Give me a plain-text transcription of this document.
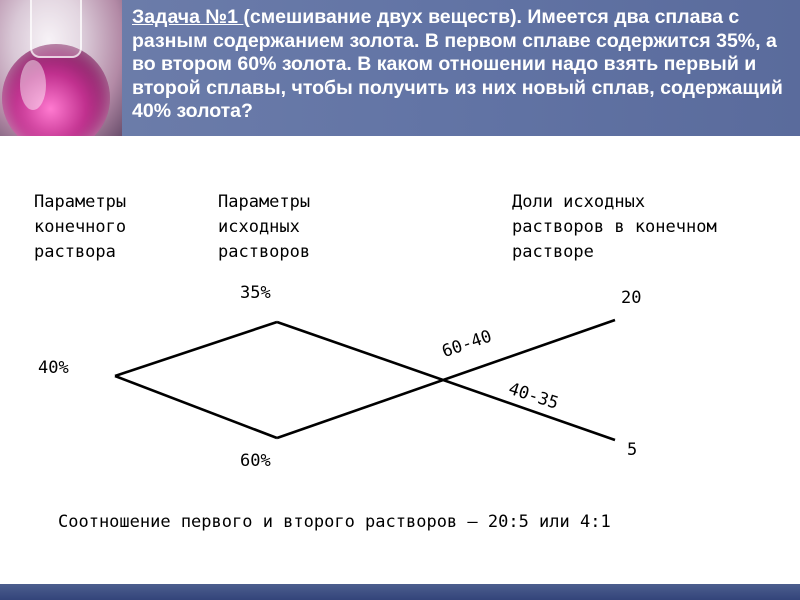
Задача №1 (смешивание двух веществ). Имеется два сплава с разным содержанием золота. В первом сплаве содержится 35%, а во втором 60% золота. В каком отношении надо взять первый и второй сплавы, чтобы получить из них новый сплав, содержащий 40% золота?
Параметры
конечного
раствора
Параметры
исходных
растворов
Доли исходных
растворов в конечном
растворе
40%
35%
60%
60-40
40-35
20
5
Соотношение первого и второго растворов – 20:5 или 4:1
